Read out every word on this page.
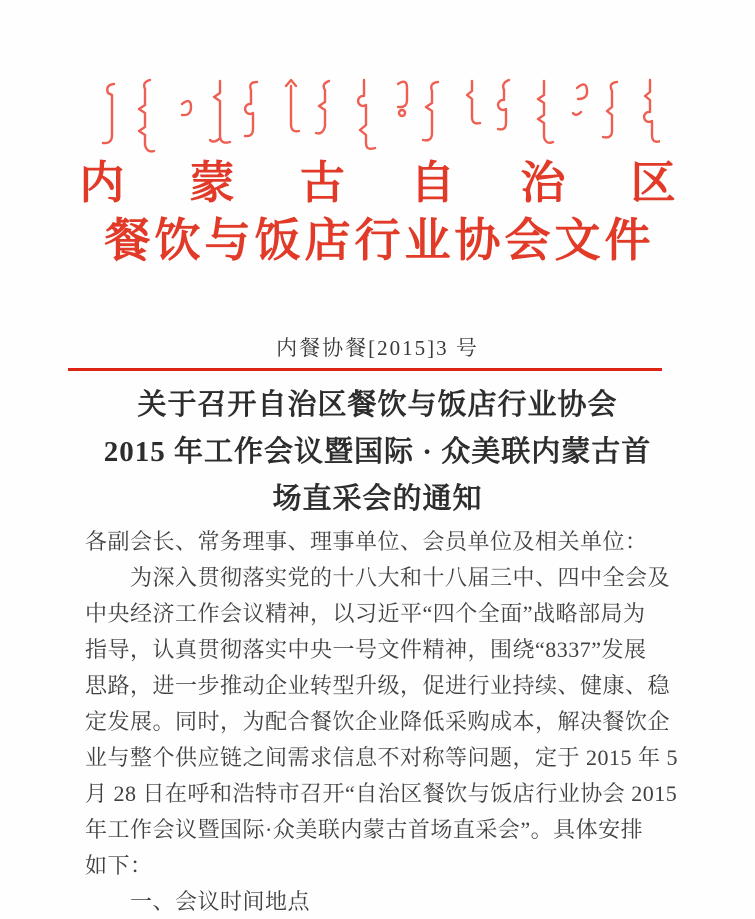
内 蒙 古 自 治 区
餐饮与饭店行业协会文件
内餐协餐[2015]3 号
关于召开自治区餐饮与饭店行业协会
2015 年工作会议暨国际 · 众美联内蒙古首
场直采会的通知
各副会长、常务理事、理事单位、会员单位及相关单位：
为深入贯彻落实党的十八大和十八届三中、四中全会及
中央经济工作会议精神，以习近平“四个全面”战略部局为
指导，认真贯彻落实中央一号文件精神，围绕“8337”发展
思路，进一步推动企业转型升级，促进行业持续、健康、稳
定发展。同时，为配合餐饮企业降低采购成本，解决餐饮企
业与整个供应链之间需求信息不对称等问题，定于 2015 年 5
月 28 日在呼和浩特市召开“自治区餐饮与饭店行业协会 2015
年工作会议暨国际·众美联内蒙古首场直采会”。具体安排
如下：
一、会议时间地点
